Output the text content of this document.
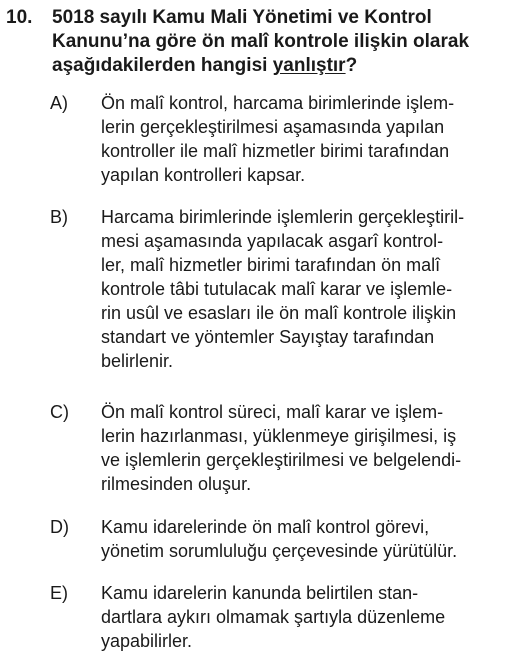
10. 5018 sayılı Kamu Mali Yönetimi ve Kontrol
Kanunu’na göre ön malî kontrole ilişkin olarak
aşağıdakilerden hangisi yanlıştır?
A) Ön malî kontrol, harcama birimlerinde işlem-
lerin gerçekleştirilmesi aşamasında yapılan
kontroller ile malî hizmetler birimi tarafından
yapılan kontrolleri kapsar.
B) Harcama birimlerinde işlemlerin gerçekleştiril-
mesi aşamasında yapılacak asgarî kontrol-
ler, malî hizmetler birimi tarafından ön malî
kontrole tâbi tutulacak malî karar ve işlemle-
rin usûl ve esasları ile ön malî kontrole ilişkin
standart ve yöntemler Sayıştay tarafından
belirlenir.
C) Ön malî kontrol süreci, malî karar ve işlem-
lerin hazırlanması, yüklenmeye girişilmesi, iş
ve işlemlerin gerçekleştirilmesi ve belgelendi-
rilmesinden oluşur.
D) Kamu idarelerinde ön malî kontrol görevi,
yönetim sorumluluğu çerçevesinde yürütülür.
E) Kamu idarelerin kanunda belirtilen stan-
dartlara aykırı olmamak şartıyla düzenleme
yapabilirler.
